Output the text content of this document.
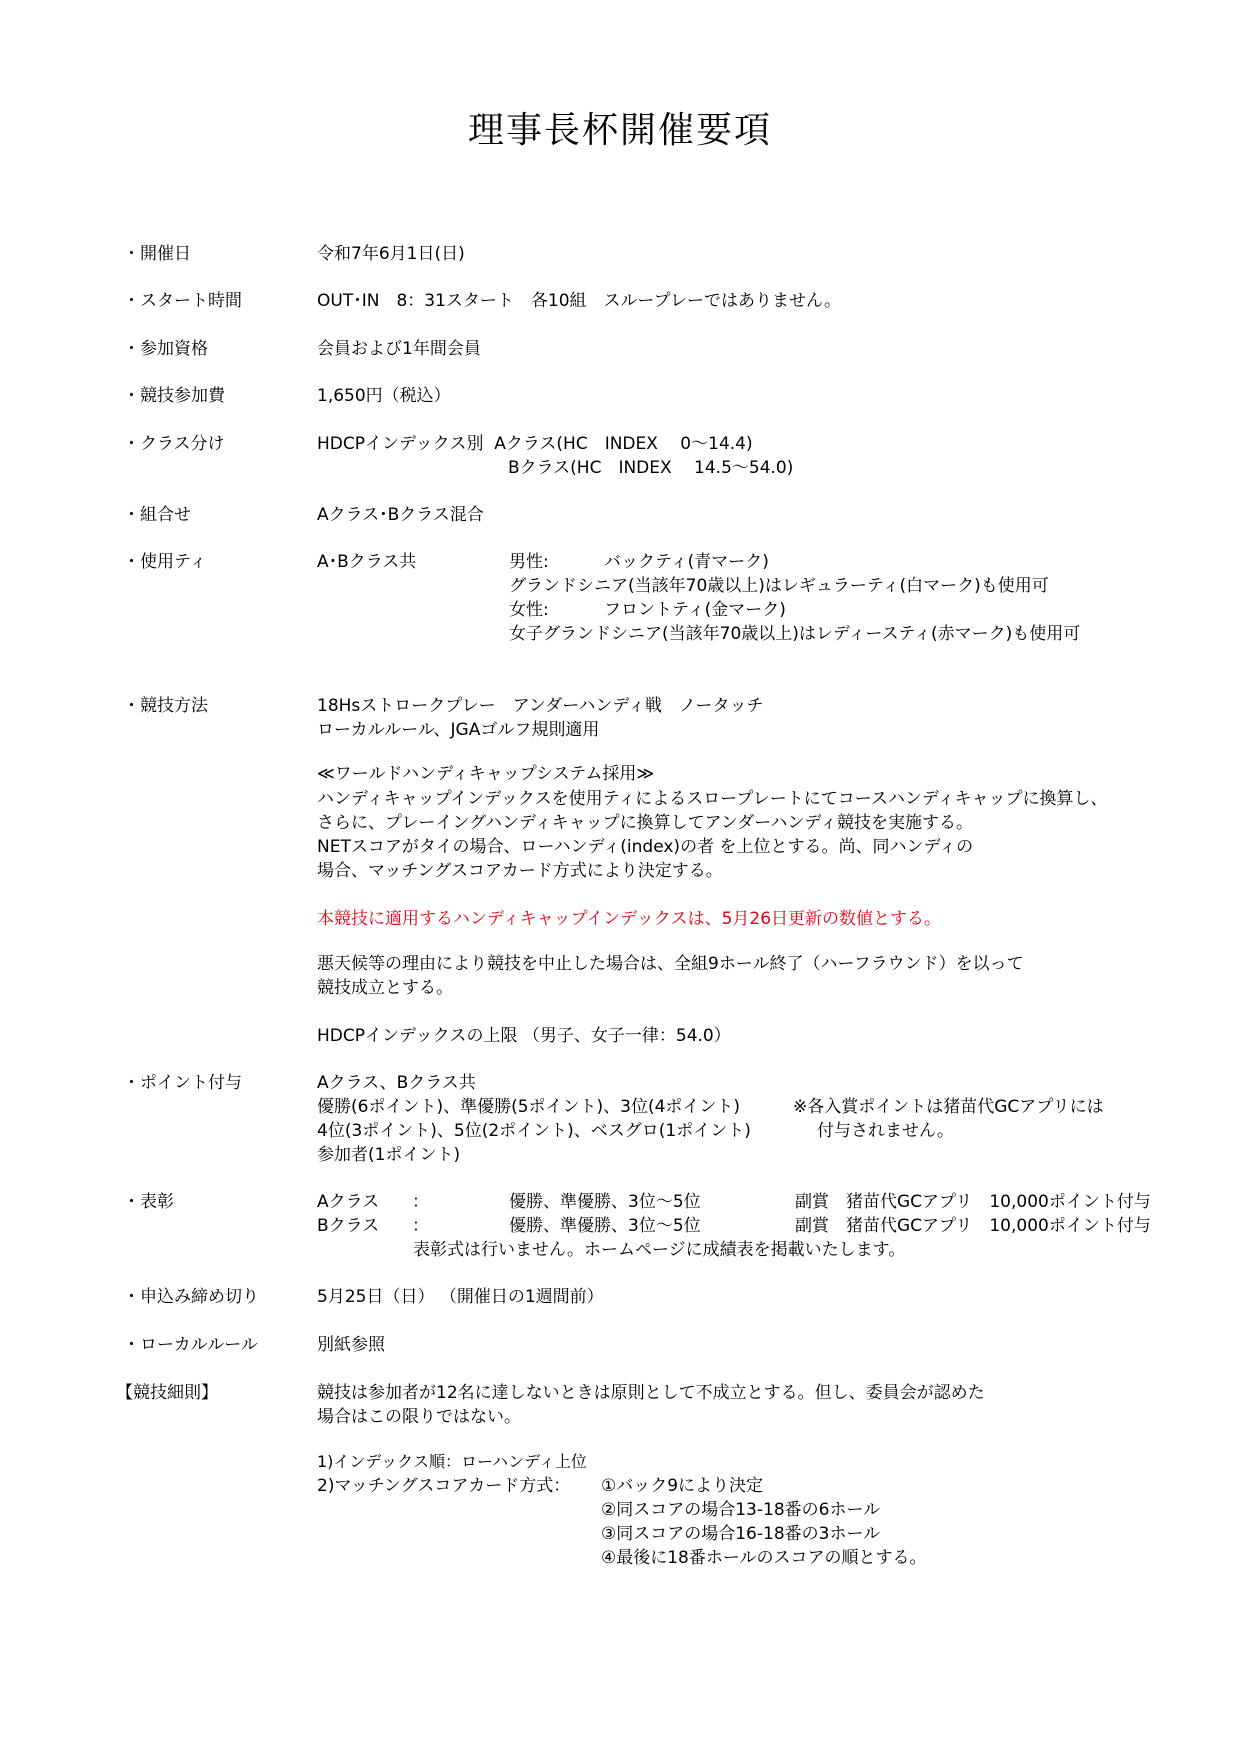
理事長杯開催要項
・開催日	令和7年6月1日(日)
・スタート時間	OUT･IN　8：31スタート　各10組　スループレーではありません。
・参加資格	会員および1年間会員
・競技参加費	1,650円（税込）
・クラス分け	HDCPインデックス別  Aクラス(HC　INDEX　 0～14.4)
Bクラス(HC　INDEX　 14.5～54.0)
・組合せ	Aクラス･Bクラス混合
・使用ティ	A･Bクラス共	男性:	バックティ(青マーク)
グランドシニア(当該年70歳以上)はレギュラーティ(白マーク)も使用可
女性:	フロントティ(金マーク)
女子グランドシニア(当該年70歳以上)はレディースティ(赤マーク)も使用可
・競技方法	18Hsストロークプレー　アンダーハンディ戦　ノータッチ
ローカルルール、JGAゴルフ規則適用
≪ワールドハンディキャップシステム採用≫
ハンディキャップインデックスを使用ティによるスロープレートにてコースハンディキャップに換算し、
さらに、プレーイングハンディキャップに換算してアンダーハンディ競技を実施する。
NETスコアがタイの場合、ローハンディ(index)の者 を上位とする。尚、同ハンディの
場合、マッチングスコアカード方式により決定する。
本競技に適用するハンディキャップインデックスは、5月26日更新の数値とする。
悪天候等の理由により競技を中止した場合は、全組9ホール終了（ハーフラウンド）を以って
競技成立とする。
HDCPインデックスの上限 （男子、女子一律：54.0）
・ポイント付与	Aクラス、Bクラス共
優勝(6ポイント)、準優勝(5ポイント)、3位(4ポイント)
4位(3ポイント)、5位(2ポイント)、ベスグロ(1ポイント)
参加者(1ポイント)
※各入賞ポイントは猪苗代GCアプリには
付与されません。
・表彰	Aクラス ：	優勝、準優勝、3位～5位	副賞　猪苗代GCアプリ　10,000ポイント付与
Bクラス ：	優勝、準優勝、3位～5位	副賞　猪苗代GCアプリ　10,000ポイント付与
表彰式は行いません。ホームページに成績表を掲載いたします。
・申込み締め切り	5月25日（日） （開催日の1週間前）
・ローカルルール	別紙参照
【競技細則】	競技は参加者が12名に達しないときは原則として不成立とする。但し、委員会が認めた
場合はこの限りではない。
1)インデックス順：ローハンディ上位
2)マッチングスコアカード方式： ①バック9により決定
②同スコアの場合13-18番の6ホール
③同スコアの場合16-18番の3ホール
④最後に18番ホールのスコアの順とする。
